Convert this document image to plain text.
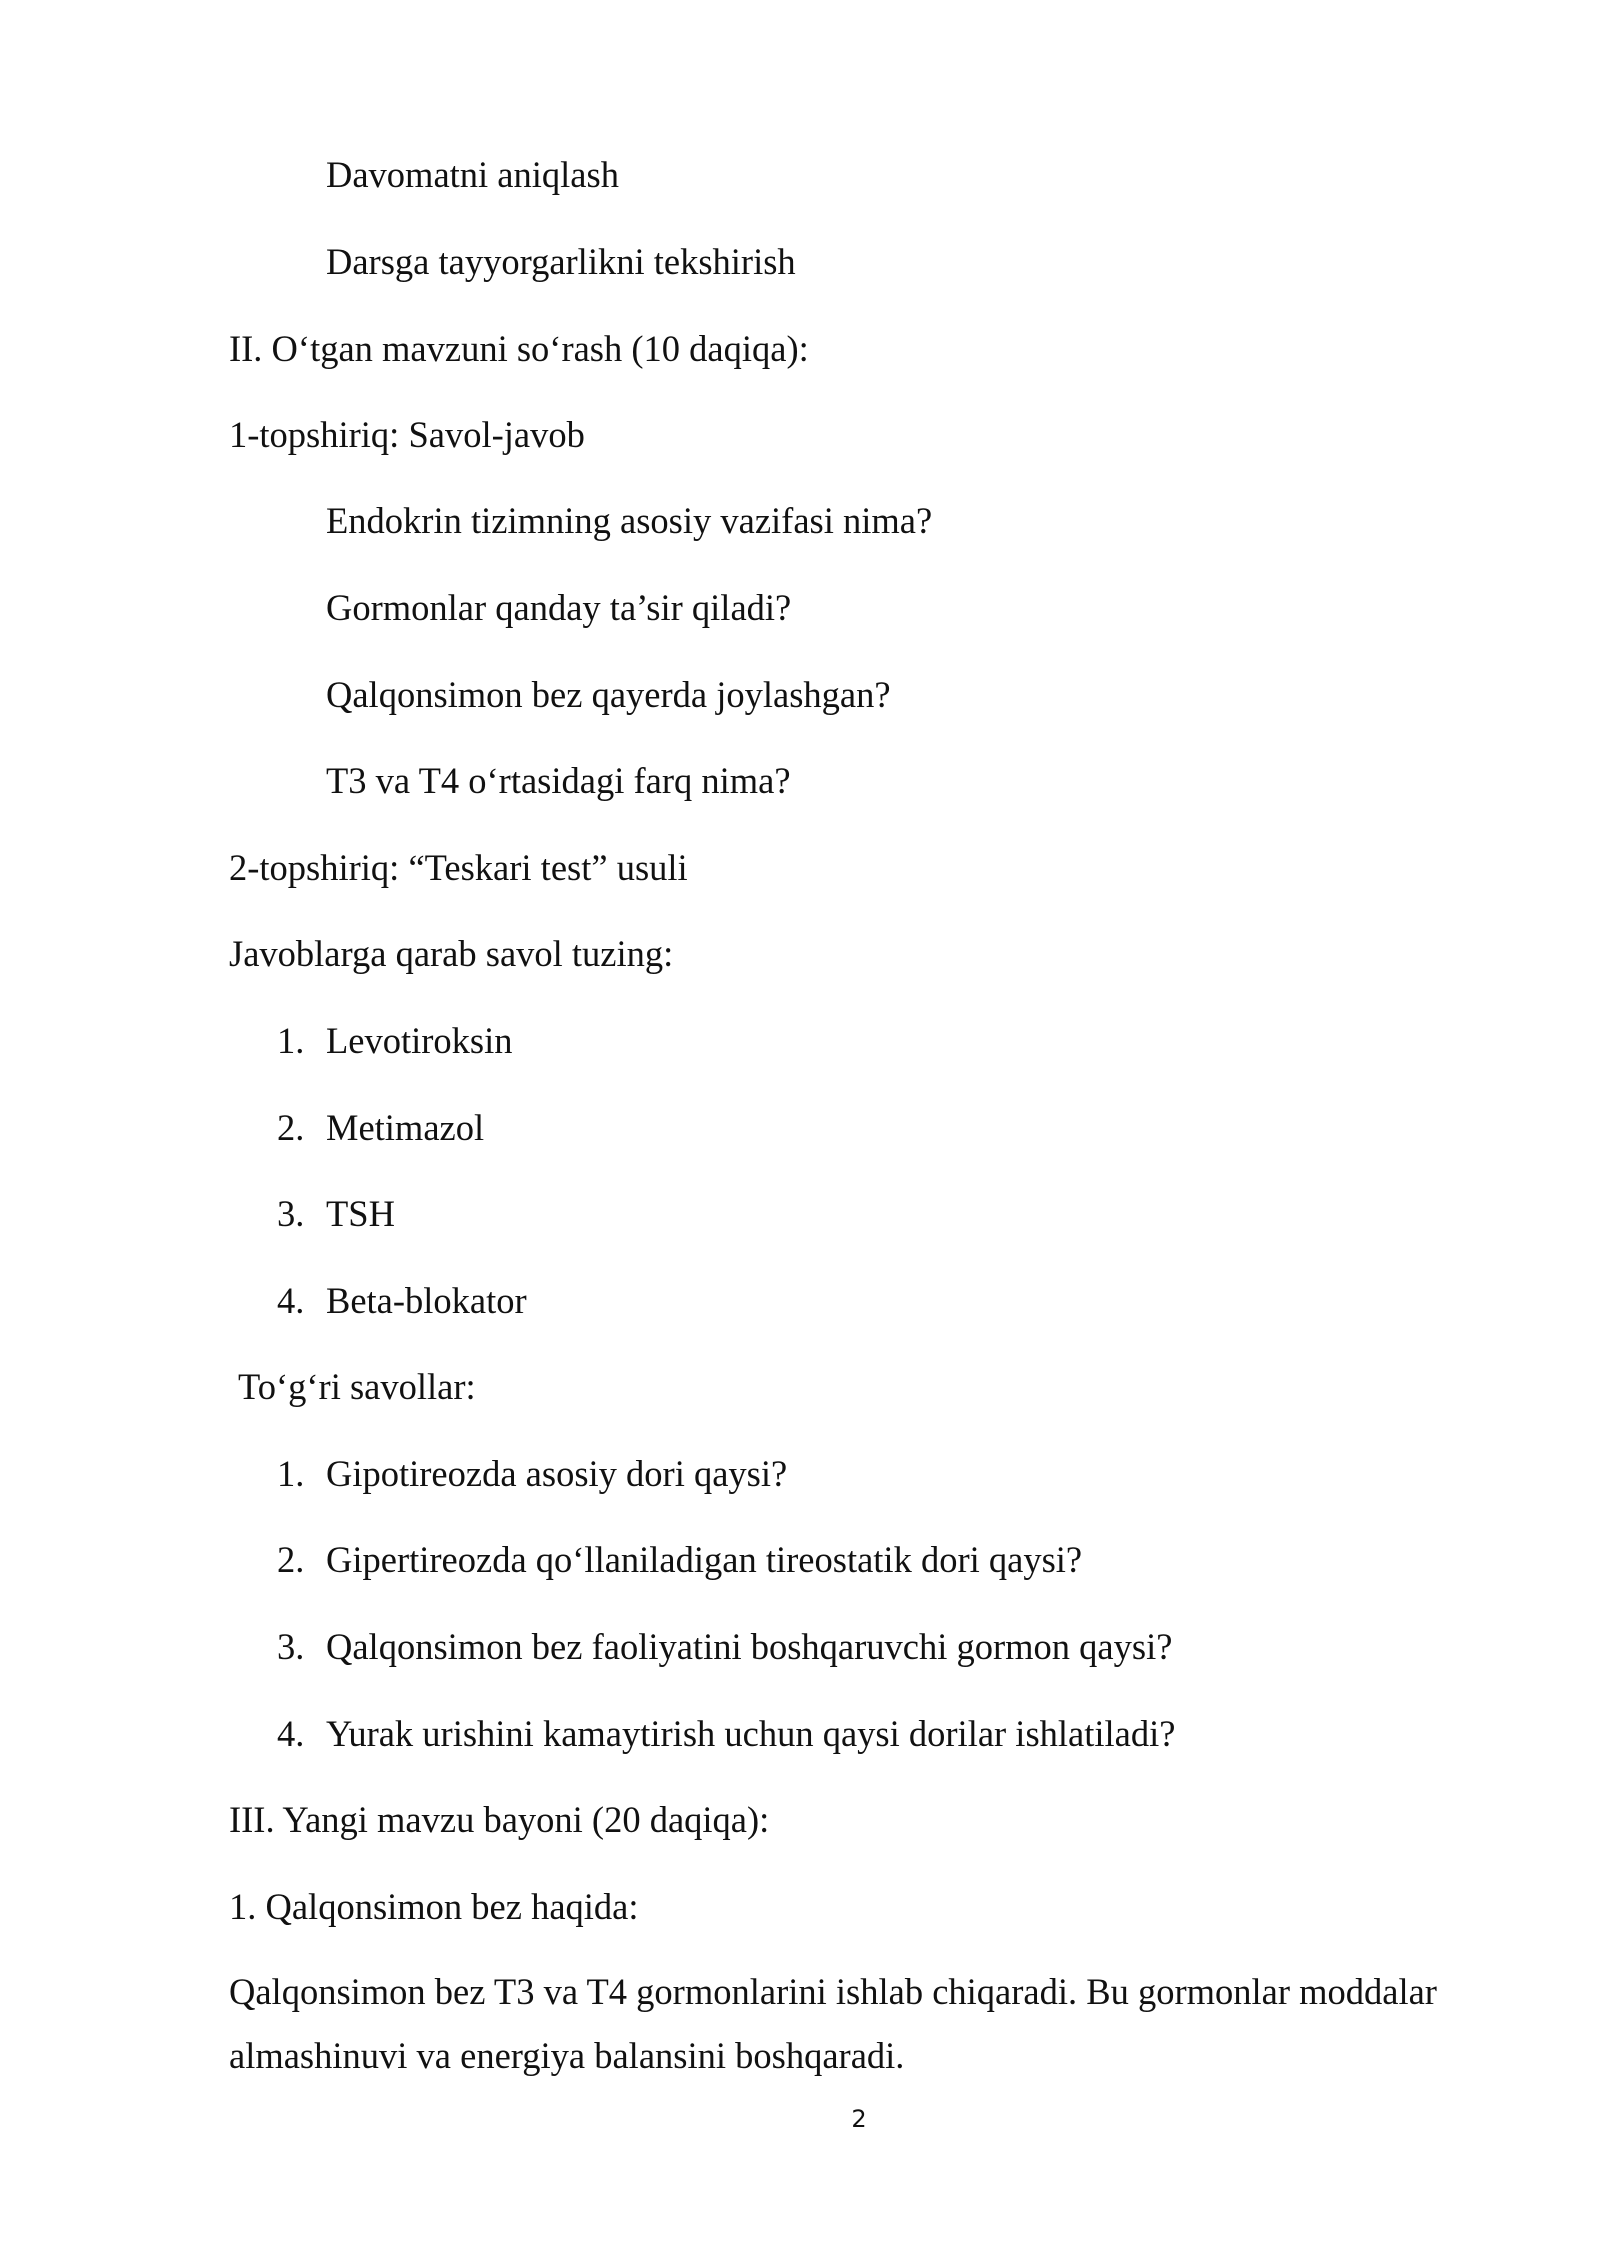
Davomatni aniqlash

Darsga tayyorgarlikni tekshirish

II. O‘tgan mavzuni so‘rash (10 daqiqa):

1-topshiriq: Savol-javob

Endokrin tizimning asosiy vazifasi nima?

Gormonlar qanday ta’sir qiladi?

Qalqonsimon bez qayerda joylashgan?

T3 va T4 o‘rtasidagi farq nima?

2-topshiriq: “Teskari test” usuli

Javoblarga qarab savol tuzing:

1. Levotiroksin
2. Metimazol
3. TSH
4. Beta-blokator

To‘g‘ri savollar:

1. Gipotireozda asosiy dori qaysi?
2. Gipertireozda qo‘llaniladigan tireostatik dori qaysi?
3. Qalqonsimon bez faoliyatini boshqaruvchi gormon qaysi?
4. Yurak urishini kamaytirish uchun qaysi dorilar ishlatiladi?

III. Yangi mavzu bayoni (20 daqiqa):

1. Qalqonsimon bez haqida:

Qalqonsimon bez T3 va T4 gormonlarini ishlab chiqaradi. Bu gormonlar moddalar almashinuvi va energiya balansini boshqaradi.

2
